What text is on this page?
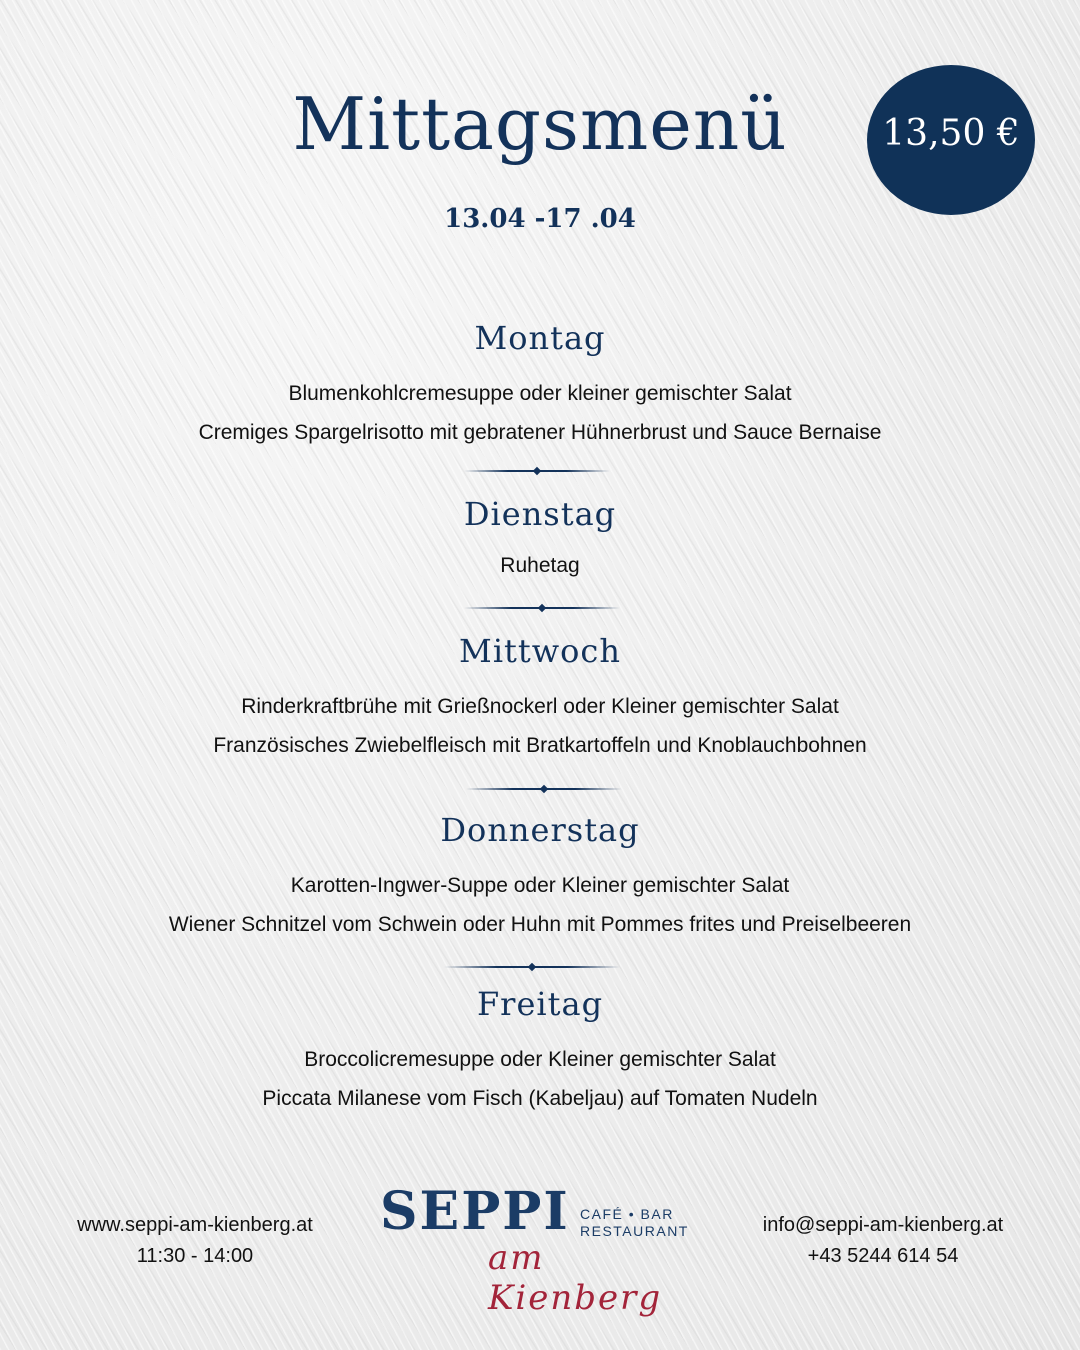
Mittagsmenü
13.04 -17 .04
13,50 €
Montag
Blumenkohlcremesuppe oder kleiner gemischter Salat
Cremiges Spargelrisotto mit gebratener Hühnerbrust und Sauce Bernaise
Dienstag
Ruhetag
Mittwoch
Rinderkraftbrühe mit Grießnockerl oder Kleiner gemischter Salat
Französisches Zwiebelfleisch mit Bratkartoffeln und Knoblauchbohnen
Donnerstag
Karotten-Ingwer-Suppe oder Kleiner gemischter Salat
Wiener Schnitzel vom Schwein oder Huhn mit Pommes frites und Preiselbeeren
Freitag
Broccolicremesuppe oder Kleiner gemischter Salat
Piccata Milanese vom Fisch (Kabeljau) auf Tomaten Nudeln
www.seppi-am-kienberg.at
11:30 - 14:00
SEPPI CAFÉ • BAR
RESTAURANT
am Kienberg
info@seppi-am-kienberg.at
+43 5244 614 54
